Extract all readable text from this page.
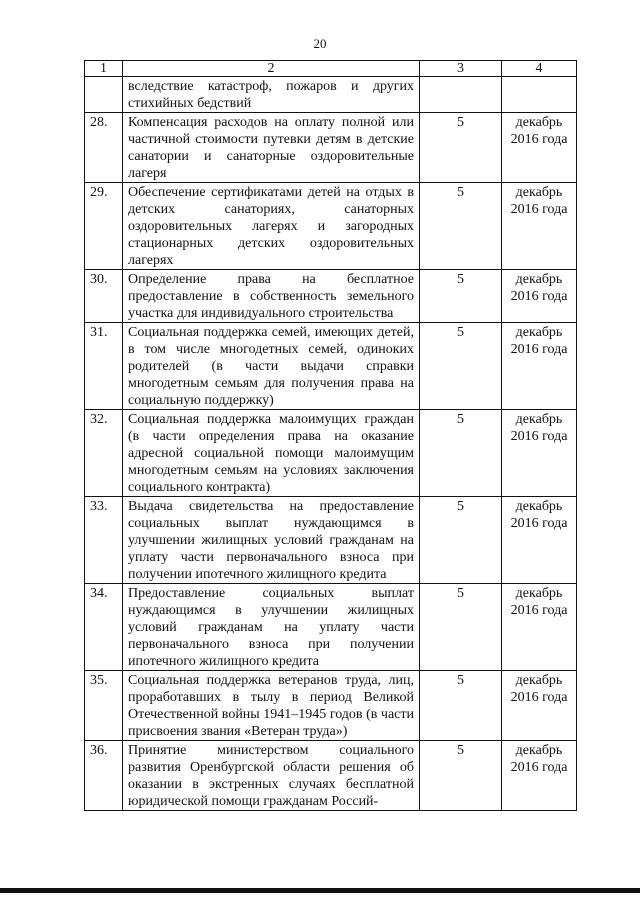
20
1	2	3	4
	вследствие катастроф, пожаров и других стихийных бедствий		
28.	Компенсация расходов на оплату полной или частичной стоимости путевки детям в детские санатории и санаторные оздоровительные лагеря	5	декабрь 2016 года
29.	Обеспечение сертификатами детей на отдых в детских санаториях, санаторных оздоровительных лагерях и загородных стационарных детских оздоровительных лагерях	5	декабрь 2016 года
30.	Определение права на бесплатное предоставление в собственность земельного участка для индивидуального строительства	5	декабрь 2016 года
31.	Социальная поддержка семей, имеющих детей, в том числе многодетных семей, одиноких родителей (в части выдачи справки многодетным семьям для получения права на социальную поддержку)	5	декабрь 2016 года
32.	Социальная поддержка малоимущих граждан (в части определения права на оказание адресной социальной помощи малоимущим многодетным семьям на условиях заключения социального контракта)	5	декабрь 2016 года
33.	Выдача свидетельства на предоставление социальных выплат нуждающимся в улучшении жилищных условий гражданам на уплату части первоначального взноса при получении ипотечного жилищного кредита	5	декабрь 2016 года
34.	Предоставление социальных выплат нуждающимся в улучшении жилищных условий гражданам на уплату части первоначального взноса при получении ипотечного жилищного кредита	5	декабрь 2016 года
35.	Социальная поддержка ветеранов труда, лиц, проработавших в тылу в период Великой Отечественной войны 1941–1945 годов (в части присвоения звания «Ветеран труда»)	5	декабрь 2016 года
36.	Принятие министерством социального развития Оренбургской области решения об оказании в экстренных случаях бесплатной юридической помощи гражданам Россий-	5	декабрь 2016 года
